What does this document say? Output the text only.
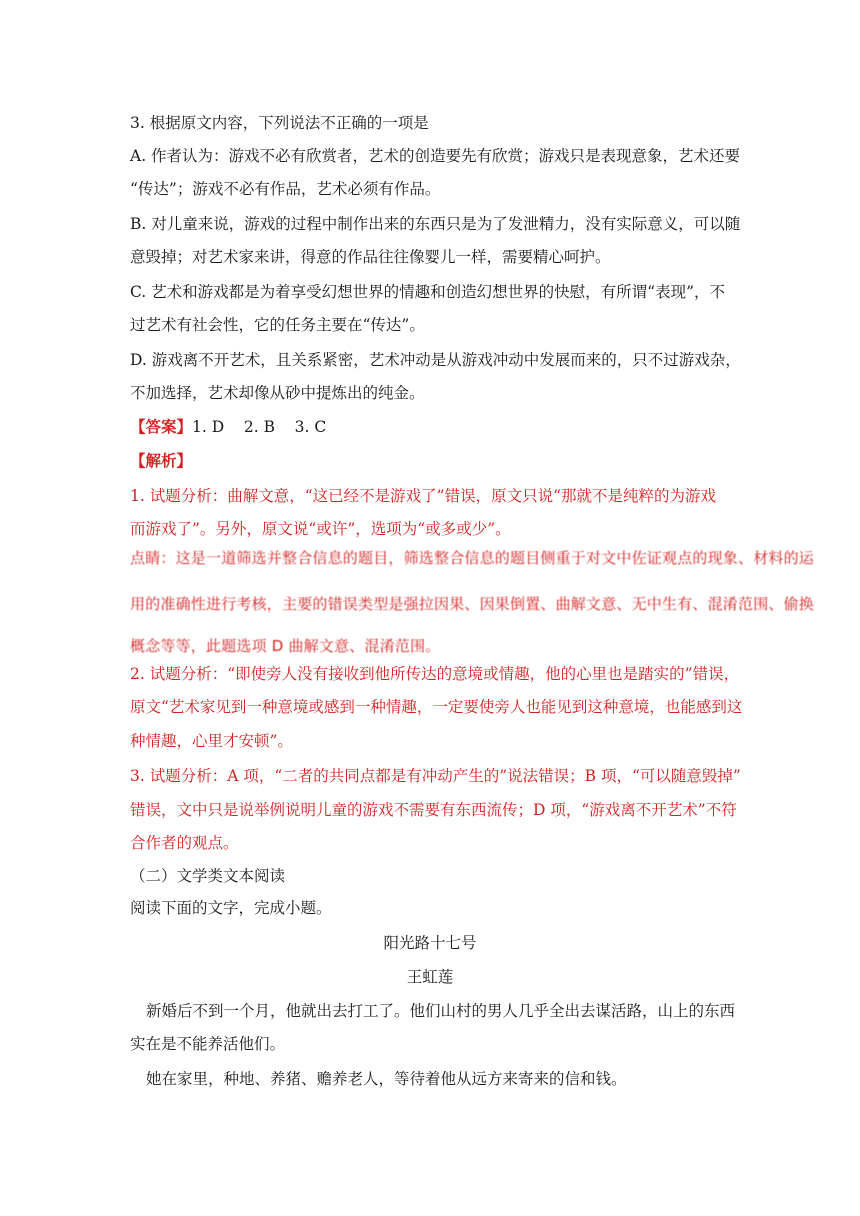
3. 根据原文内容，下列说法不正确的一项是
A. 作者认为：游戏不必有欣赏者，艺术的创造要先有欣赏；游戏只是表现意象，艺术还要
“传达”；游戏不必有作品，艺术必须有作品。
B. 对儿童来说，游戏的过程中制作出来的东西只是为了发泄精力，没有实际意义，可以随
意毁掉；对艺术家来讲，得意的作品往往像婴儿一样，需要精心呵护。
C. 艺术和游戏都是为着享受幻想世界的情趣和创造幻想世界的快慰，有所谓“表现”，不
过艺术有社会性，它的任务主要在“传达”。
D. 游戏离不开艺术，且关系紧密，艺术冲动是从游戏冲动中发展而来的，只不过游戏杂，
不加选择，艺术却像从砂中提炼出的纯金。
【答案】1. D    2. B    3. C
【解析】
1. 试题分析：曲解文意，“这已经不是游戏了”错误，原文只说“那就不是纯粹的为游戏
而游戏了”。另外，原文说“或许”，选项为“或多或少”。
点睛：这是一道筛选并整合信息的题目，筛选整合信息的题目侧重于对文中佐证观点的现象、材料的运
用的准确性进行考核，主要的错误类型是强拉因果、因果倒置、曲解文意、无中生有、混淆范围、偷换
概念等等，此题选项 D 曲解文意、混淆范围。
2. 试题分析：“即使旁人没有接收到他所传达的意境或情趣，他的心里也是踏实的”错误，
原文“艺术家见到一种意境或感到一种情趣，一定要使旁人也能见到这种意境，也能感到这
种情趣，心里才安顿”。
3. 试题分析：A 项，“二者的共同点都是有冲动产生的”说法错误；B 项，“可以随意毁掉”
错误，文中只是说举例说明儿童的游戏不需要有东西流传；D 项，“游戏离不开艺术”不符
合作者的观点。
（二）文学类文本阅读
阅读下面的文字，完成小题。
阳光路十七号
王虹莲
新婚后不到一个月，他就出去打工了。他们山村的男人几乎全出去谋活路，山上的东西
实在是不能养活他们。
她在家里，种地、养猪、赡养老人，等待着他从远方来寄来的信和钱。
